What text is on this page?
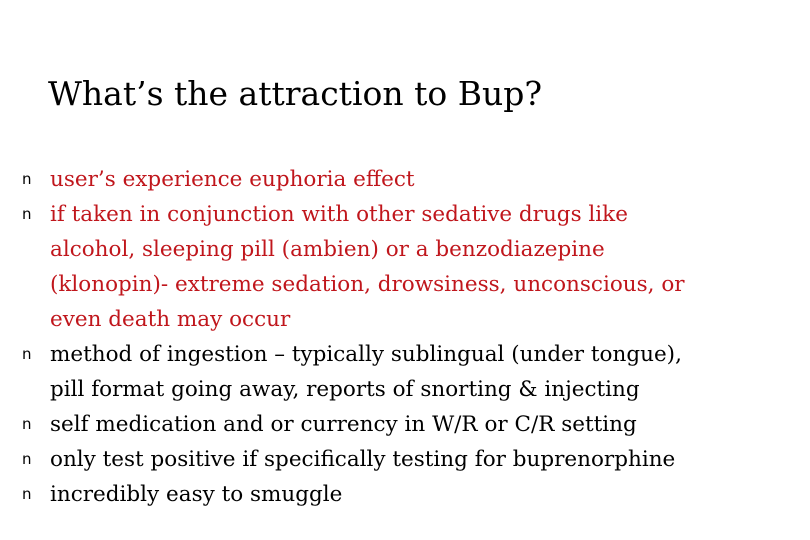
What’s the attraction to Bup?
n user’s experience euphoria effect
n if taken in conjunction with other sedative drugs like
alcohol, sleeping pill (ambien) or a benzodiazepine
(klonopin)- extreme sedation, drowsiness, unconscious, or
even death may occur
n method of ingestion – typically sublingual (under tongue),
pill format going away, reports of snorting & injecting
n self medication and or currency in W/R or C/R setting
n only test positive if specifically testing for buprenorphine
n incredibly easy to smuggle
